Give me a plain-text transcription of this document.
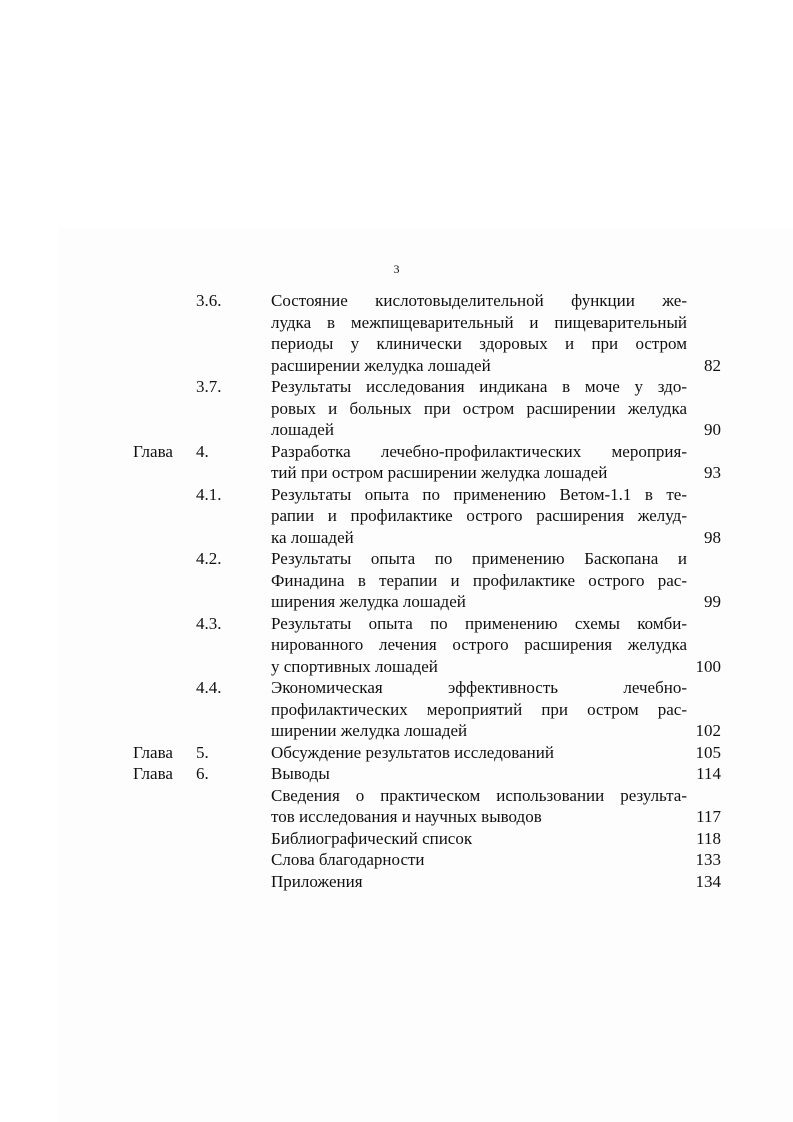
3
3.6.	Состояние кислотовыделительной функции же-
лудка в межпищеварительный и пищеварительный
периоды у клинически здоровых и при остром
расширении желудка лошадей	82
3.7.	Результаты исследования индикана в моче у здо-
ровых и больных при остром расширении желудка
лошадей	90
Глава 4.	Разработка лечебно-профилактических мероприя-
тий при остром расширении желудка лошадей	93
4.1.	Результаты опыта по применению Ветом-1.1 в те-
рапии и профилактике острого расширения желуд-
ка лошадей	98
4.2.	Результаты опыта по применению Баскопана и
Финадина в терапии и профилактике острого рас-
ширения желудка лошадей	99
4.3.	Результаты опыта по применению схемы комби-
нированного лечения острого расширения желудка
у спортивных лошадей	100
4.4.	Экономическая эффективность лечебно-
профилактических мероприятий при остром рас-
ширении желудка лошадей	102
Глава 5.	Обсуждение результатов исследований	105
Глава 6.	Выводы	114
Сведения о практическом использовании результа-
тов исследования и научных выводов	117
Библиографический список	118
Слова благодарности	133
Приложения	134
